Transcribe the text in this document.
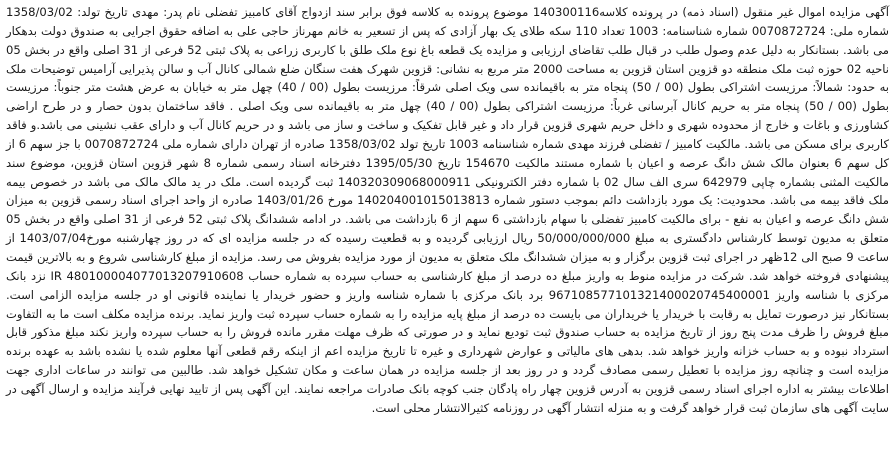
آگهی مزایده اموال غیر منقول (اسناد ذمه) در پرونده کلاسه140300116 موضوع پرونده به کلاسه فوق برابر سند ازدواج آقای کامبیز تفضلی نام پدر: مهدی تاریخ تولد: 1358/03/02 شماره ملی: 0070872724 شماره شناسنامه: 1003 تعداد 110 سکه طلای یک بهار آزادی که پس از تسعیر به خانم مهرناز حاجی علی به اضافه حقوق اجرایی به صندوق دولت بدهکار می باشد. بستانکار به دلیل عدم وصول طلب در قبال طلب تقاضای ارزیابی و مزایده یک قطعه باغ نوع ملک طلق با کاربری زراعی به پلاک ثبتی 52 فرعی از 31 اصلی واقع در بخش 05 ناحیه 02 حوزه ثبت ملک منطقه دو قزوین استان قزوین به مساحت 2000 متر مربع به نشانی: قزوین شهرک هفت سنگان ضلع شمالی کانال آب و سالن پذیرایی آرامیس توضیحات ملک به حدود: شمالاً: مرزیست اشتراکی بطول (00 / 50) پنجاه متر به باقیمانده سی ویک اصلی شرقاً: مرزیست بطول (00 / 40) چهل متر به خیابان به عرض هشت متر جنوباً: مرزیست بطول (00 / 50) پنجاه متر به حریم کانال آبرسانی غرباً: مرزیست اشتراکی بطول (00 / 40) چهل متر به باقیمانده سی ویک اصلی . فاقد ساختمان بدون حصار و در طرح اراضی کشاورزی و باغات و خارج از محدوده شهری و داخل حریم شهری قزوین قرار داد و غیر قابل تفکیک و ساخت و ساز می باشد و در حریم کانال آب و دارای عقب نشینی می باشد.و فاقد کاربری برای مسکن می باشد. مالکیت کامبیز / تفضلی فرزند مهدی شماره شناسنامه 1003 تاریخ تولد 1358/03/02 صادره از تهران دارای شماره ملی 0070872724 با جز سهم 6 از کل سهم 6 بعنوان مالک شش دانگ عرصه و اعیان با شماره مستند مالکیت 154670 تاریخ 1395/05/30 دفترخانه اسناد رسمی شماره 8 شهر قزوین استان قزوین، موضوع سند مالکیت المثنی بشماره چاپی 642979 سری الف سال 02 با شماره دفتر الکترونیکی 140320309068000911 ثبت گردیده است. ملک در ید مالک مالک می باشد در خصوص بیمه ملک فاقد بیمه می باشد. محدودیت: یک مورد بازداشت دائم بموجب دستور شماره 140204001015013813 مورخ 1403/01/26 صادره از واحد اجرای اسناد رسمی قزوین به میزان شش دانگ عرصه و اعیان به نفع - برای مالکیت کامبیز تفضلی با سهام بازداشتی 6 سهم از 6 بازداشت می باشد. در ادامه ششدانگ پلاک ثبتی 52 فرعی از 31 اصلی واقع در بخش 05 متعلق به مدیون توسط کارشناس دادگستری به مبلغ 50/000/000/000 ریال ارزیابی گردیده و به قطعیت رسیده که در جلسه مزایده ای که در روز چهارشنبه مورخ1403/07/04 از ساعت 9 صبح الی 12ظهر در اجرای ثبت قزوین برگزار و به میزان ششدانگ ملک متعلق به مدیون از مورد مزایده بفروش می رسد. مزایده از مبلغ کارشناسی شروع و به بالاترین قیمت پیشنهادی فروخته خواهد شد. شرکت در مزایده منوط به واریز مبلغ ده درصد از مبلغ کارشناسی به حساب سپرده به شماره حساب IR 480100004077013207910608 نزد بانک مرکزی با شناسه واریز 967108577101321400020745400001 برد بانک مرکزی با شماره شناسه واریز و حضور خریدار یا نماینده قانونی او در جلسه مزایده الزامی است. بستانکار نیز درصورت تمایل به رقابت با خریدار یا خریداران می بایست ده درصد از مبلغ پایه مزایده را به شماره حساب سپرده ثبت واریز نماید. برنده مزایده مکلف است ما به التفاوت مبلغ فروش را ظرف مدت پنج روز از تاریخ مزایده به حساب صندوق ثبت تودیع نماید و در صورتی که ظرف مهلت مقرر مانده فروش را به حساب سپرده واریز نکند مبلغ مذکور قابل استرداد نبوده و به حساب خزانه واریز خواهد شد. بدهی های مالیاتی و عوارض شهرداری و غیره تا تاریخ مزایده اعم از اینکه رقم قطعی آنها معلوم شده یا نشده باشد به عهده برنده مزایده است و چنانچه روز مزایده با تعطیل رسمی مصادف گردد و در روز بعد از جلسه مزایده در همان ساعت و مکان تشکیل خواهد شد. طالبین می توانند در ساعات اداری جهت اطلاعات بیشتر به اداره اجرای اسناد رسمی قزوین به آدرس قزوین چهار راه پادگان جنب کوچه بانک صادرات مراجعه نمایند. این آگهی پس از تایید نهایی فرآیند مزایده و ارسال آگهی در سایت آگهی های سازمان ثبت قرار خواهد گرفت و به منزله انتشار آگهی در روزنامه کثیرالانتشار محلی است.
